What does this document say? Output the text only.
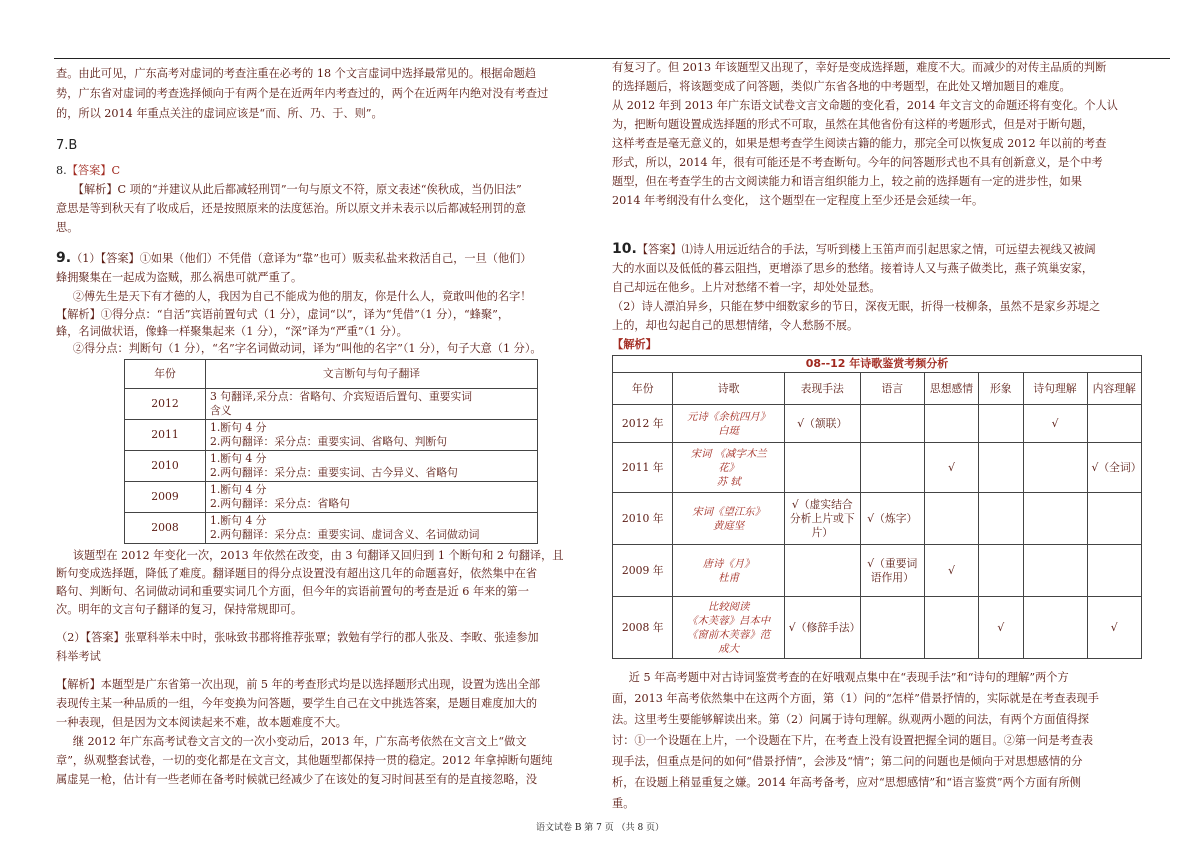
查。由此可见，广东高考对虚词的考查注重在必考的 18 个文言虚词中选择最常见的。根据命题趋

势，广东省对虚词的考查选择倾向于有两个是在近两年内考查过的，两个在近两年内绝对没有考查过

的，所以 2014 年重点关注的虚词应该是“而、所、乃、于、则”。

7.B

8.【答案】C

【解析】C 项的“并建议从此后都减轻刑罚”一句与原文不符，原文表述“俟秋成，当仍旧法”

意思是等到秋天有了收成后，还是按照原来的法度惩治。所以原文并未表示以后都减轻刑罚的意

思。

9.（1）【答案】①如果（他们）不凭借（意译为“靠”也可）贩卖私盐来救活自己，一旦（他们）

蜂拥聚集在一起成为盗贼，那么祸患可就严重了。

②傅先生是天下有才德的人，我因为自己不能成为他的朋友，你是什么人，竟敢叫他的名字！

【解析】①得分点：“自活”宾语前置句式（1 分），虚词“以”，译为“凭借”（1 分），“蜂聚”，

蜂，名词做状语，像蜂一样聚集起来（1 分），“深”译为“严重”（1 分）。

②得分点：判断句（1 分），“名”字名词做动词，译为“叫他的名字”（1 分），句子大意（1 分）。

年份	文言断句与句子翻译
2012	3 句翻译,采分点：省略句、介宾短语后置句、重要实词
含义

2011	1.断句 4 分
2.两句翻译：采分点：重要实词、省略句、判断句

2010	1.断句 4 分
2.两句翻译：采分点：重要实词、古今异义、省略句

2009	1.断句 4 分
2.两句翻译：采分点：省略句

2008	1.断句 4 分
2.两句翻译：采分点：重要实词、虚词含义、名词做动词

该题型在 2012 年变化一次，2013 年依然在改变，由 3 句翻译又回归到 1 个断句和 2 句翻译，且

断句变成选择题，降低了难度。翻译题目的得分点设置没有超出这几年的命题喜好，依然集中在省

略句、判断句、名词做动词和重要实词几个方面，但今年的宾语前置句的考查是近 6 年来的第一

次。明年的文言句子翻译的复习，保持常规即可。

（2）【答案】张覃科举未中时，张咏致书郡将推荐张覃；敦勉有学行的郡人张及、李畋、张逵参加

科举考试

【解析】本题型是广东省第一次出现，前 5 年的考查形式均是以选择题形式出现，设置为选出全部

表现传主某一种品质的一组，今年变换为问答题，要学生自己在文中挑选答案，是题目难度加大的

一种表现，但是因为文本阅读起来不难，故本题难度不大。

继 2012 年广东高考试卷文言文的一次小变动后，2013 年，广东高考依然在文言文上“做文

章”，纵观整套试卷，一切的变化都是在文言文，其他题型都保持一贯的稳定。2012 年拿掉断句题纯

属虚晃一枪，估计有一些老师在备考时候就已经减少了在该处的复习时间甚至有的是直接忽略，没

有复习了。但 2013 年该题型又出现了，幸好是变成选择题，难度不大。而减少的对传主品质的判断

的选择题后，将该题变成了问答题，类似广东省各地的中考题型，在此处又增加题目的难度。

从 2012 年到 2013 年广东语文试卷文言文命题的变化看，2014 年文言文的命题还将有变化。个人认

为，把断句题设置成选择题的形式不可取，虽然在其他省份有这样的考题形式，但是对于断句题，

这样考查是毫无意义的，如果是想考查学生阅读古籍的能力，那完全可以恢复成 2012 年以前的考查

形式，所以，2014 年，很有可能还是不考查断句。今年的问答题形式也不具有创新意义，是个中考

题型，但在考查学生的古文阅读能力和语言组织能力上，较之前的选择题有一定的进步性，如果

2014 年考纲没有什么变化， 这个题型在一定程度上至少还是会延续一年。

10.【答案】⑴诗人用远近结合的手法，写听到楼上玉笛声而引起思家之情，可远望去视线又被阔

大的水面以及低低的暮云阻挡，更增添了思乡的愁绪。接着诗人又与燕子做类比，燕子筑巢安家，

自己却远在他乡。上片对愁绪不着一字，却处处显愁。

（2）诗人漂泊异乡，只能在梦中细数家乡的节日，深夜无眠，折得一枝柳条，虽然不是家乡苏堤之

上的，却也勾起自己的思想情绪，令人愁肠不展。

【解析】

08--12 年诗歌鉴赏考频分析							
年份	诗歌	表现手法	语言	思想感情	形象	诗句理解	内容理解
2012 年	元诗《余杭四月》
白珽	√（颔联）				√	
2011 年	宋词 《减字木兰
花》
苏 轼			√			√（全词）
2010 年	宋词《望江东》
黄庭坚	√（虚实结合分析上片或下片）	√（炼字）				
2009 年	唐诗《月》
杜甫		√（重要词语作用）	√			
2008 年	比较阅读
《木芙蓉》吕本中
《窗前木芙蓉》范
成大	√（修辞手法）			√		√

近 5 年高考题中对古诗词鉴赏考查的在好哦观点集中在“表现手法”和“诗句的理解”两个方

面，2013 年高考依然集中在这两个方面，第（1）问的“怎样”借景抒情的，实际就是在考查表现手

法。这里考生要能够解读出来。第（2）问属于诗句理解。纵观两小题的问法，有两个方面值得探

讨：①一个设题在上片，一个设题在下片，在考查上没有设置把握全词的题目。②第一问是考查表

现手法，但重点是问的如何“借景抒情”，会涉及“情”；第二问的问题也是倾向于对思想感情的分

析，在设题上稍显重复之嫌。2014 年高考备考，应对“思想感情”和“语言鉴赏”两个方面有所侧

重。

语文试卷 B 第 7 页 （共 8 页）
